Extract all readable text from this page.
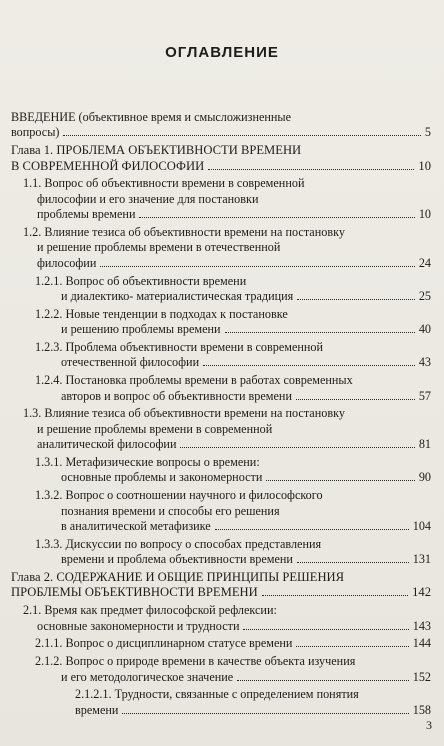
ОГЛАВЛЕНИЕ
ВВЕДЕНИЕ (объективное время и смысложизненные
вопросы)	5
Глава 1. ПРОБЛЕМА ОБЪЕКТИВНОСТИ ВРЕМЕНИ
В СОВРЕМЕННОЙ ФИЛОСОФИИ	10
1.1. Вопрос об объективности времени в современной
философии и его значение для постановки
проблемы времени	10
1.2. Влияние тезиса об объективности времени на постановку
и решение проблемы времени в отечественной
философии	24
1.2.1. Вопрос об объективности времени
и диалектико- материалистическая традиция	25
1.2.2. Новые тенденции в подходах к постановке
и решению проблемы времени	40
1.2.3. Проблема объективности времени в современной
отечественной философии	43
1.2.4. Постановка проблемы времени в работах современных
авторов и вопрос об объективности времени	57
1.3. Влияние тезиса об объективности времени на постановку
и решение проблемы времени в современной
аналитической философии	81
1.3.1. Метафизические вопросы о времени:
основные проблемы и закономерности	90
1.3.2. Вопрос о соотношении научного и философского
познания времени и способы его решения
в аналитической метафизике	104
1.3.3. Дискуссии по вопросу о способах представления
времени и проблема объективности времени	131
Глава 2. СОДЕРЖАНИЕ И ОБЩИЕ ПРИНЦИПЫ РЕШЕНИЯ
ПРОБЛЕМЫ ОБЪЕКТИВНОСТИ ВРЕМЕНИ	142
2.1. Время как предмет философской рефлексии:
основные закономерности и трудности	143
2.1.1. Вопрос о дисциплинарном статусе времени	144
2.1.2. Вопрос о природе времени в качестве объекта изучения
и его методологическое значение	152
2.1.2.1. Трудности, связанные с определением понятия
времени	158
3
